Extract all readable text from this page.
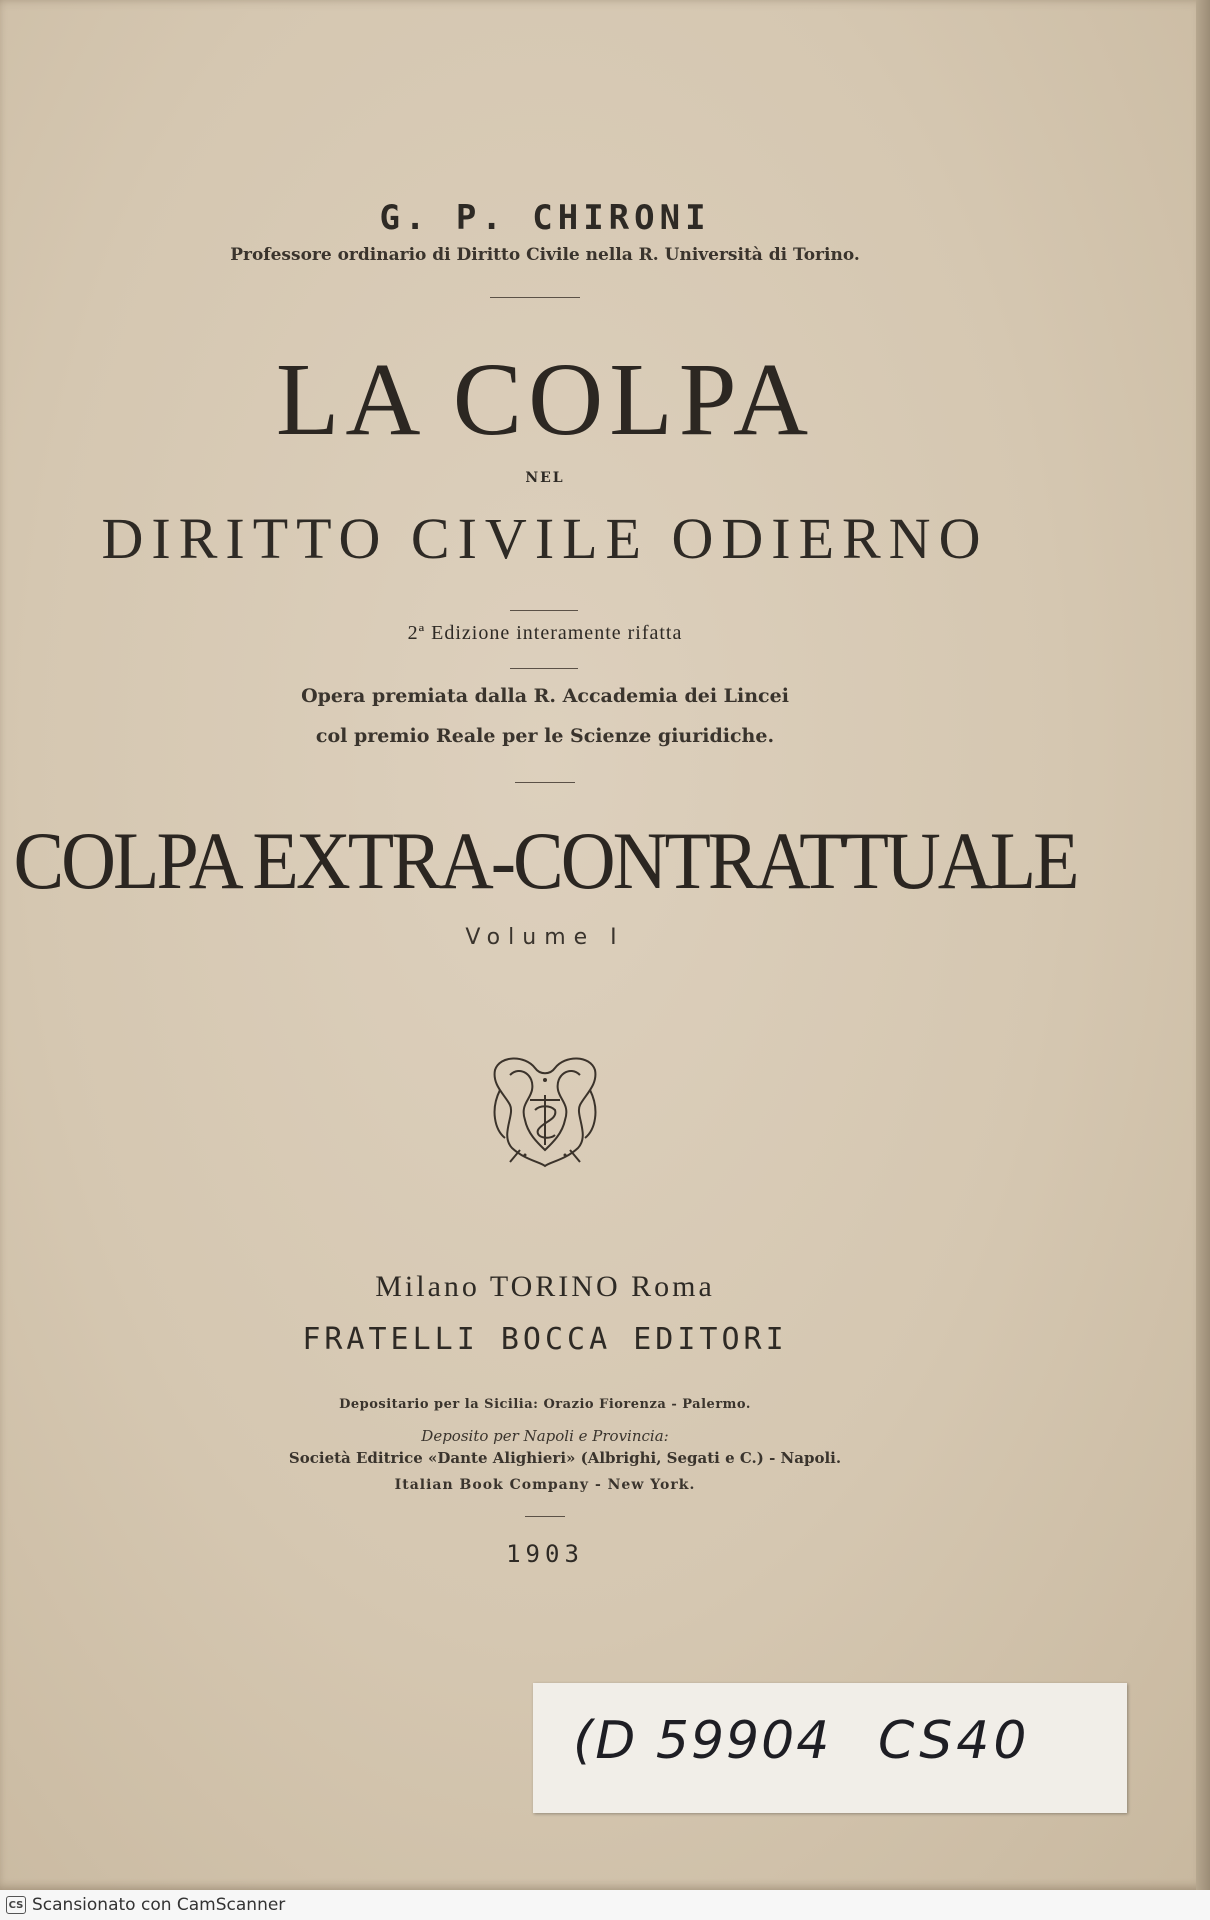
G. P. CHIRONI
Professore ordinario di Diritto Civile nella R. Università di Torino.
LA COLPA
NEL
DIRITTO CIVILE ODIERNO
2ª Edizione interamente rifatta
Opera premiata dalla R. Accademia dei Lincei
col premio Reale per le Scienze giuridiche.
COLPA EXTRA-CONTRATTUALE
Volume I
Milano TORINO Roma
FRATELLI BOCCA EDITORI
Depositario per la Sicilia: Orazio Fiorenza - Palermo.
Deposito per Napoli e Provincia:
Società Editrice «Dante Alighieri» (Albrighi, Segati e C.) - Napoli.
Italian Book Company - New York.
1903
(D 59904 CS40
CS Scansionato con CamScanner
